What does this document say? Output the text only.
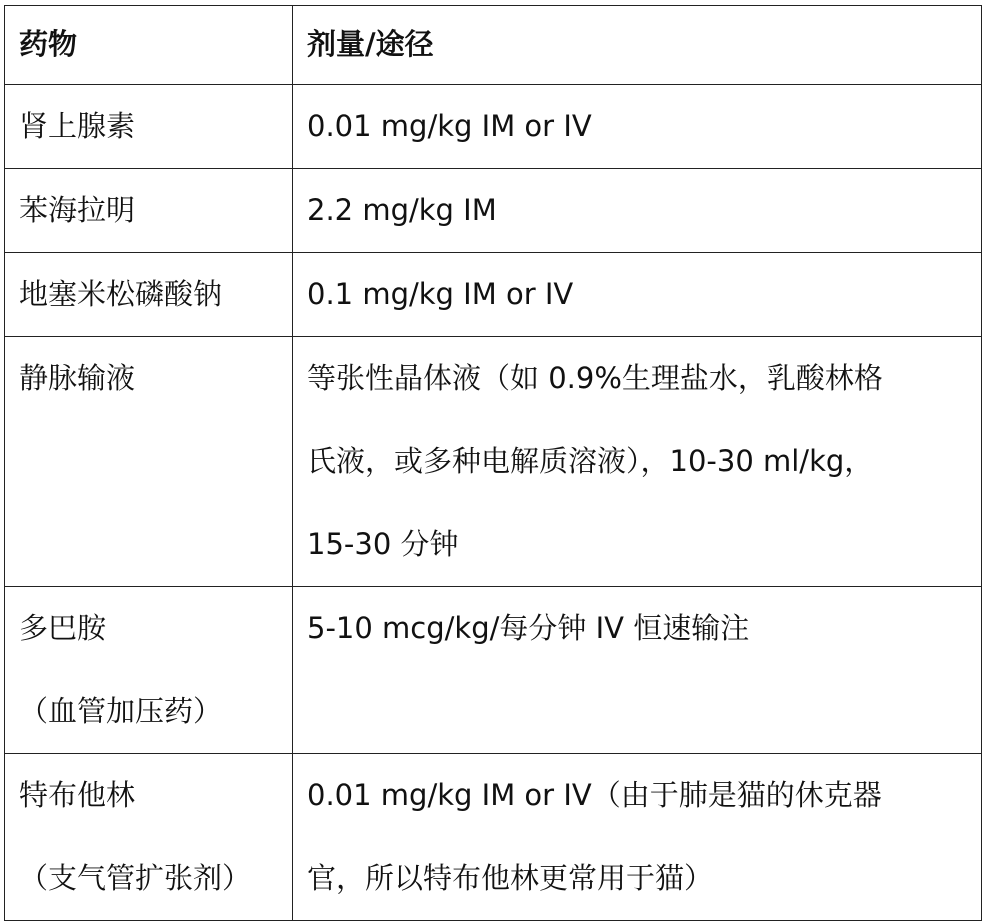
药物	剂量/途径
肾上腺素	0.01 mg/kg IM or IV
苯海拉明	2.2 mg/kg IM
地塞米松磷酸钠	0.1 mg/kg IM or IV

静脉输液	等张性晶体液（如 0.9%生理盐水，乳酸林格
氏液，或多种电解质溶液），10-30 ml/kg，
15-30 分钟

多巴胺
（血管加压药）	5-10 mcg/kg/每分钟 IV 恒速输注

特布他林
（支气管扩张剂）	0.01 mg/kg IM or IV（由于肺是猫的休克器
官，所以特布他林更常用于猫）
